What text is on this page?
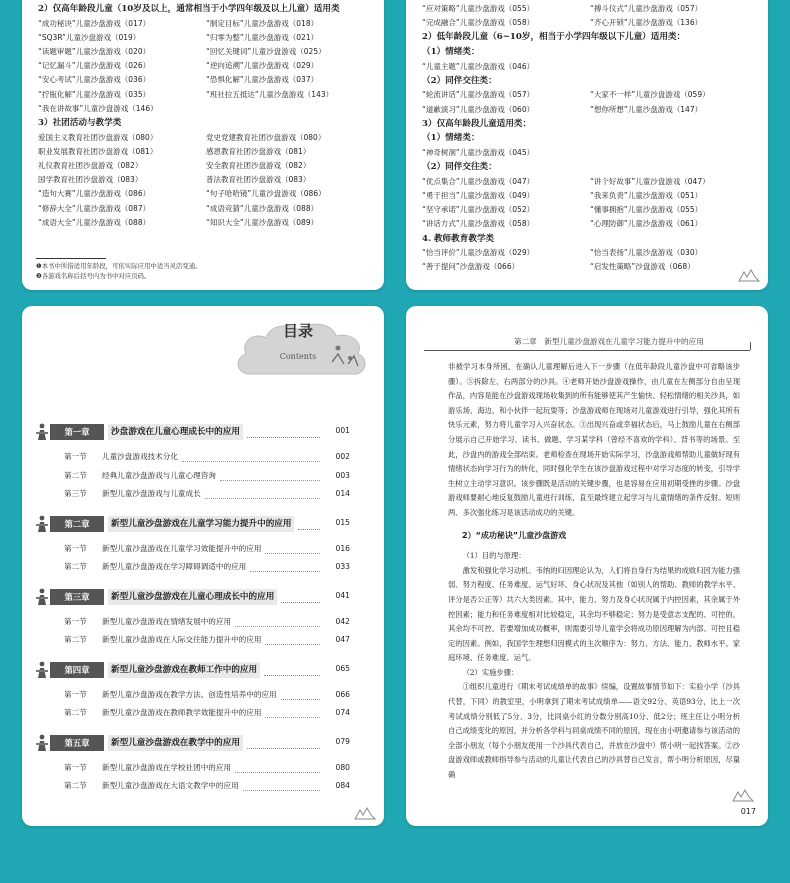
2）仅高年龄段儿童（10岁及以上，通常相当于小学四年级及以上儿童）适用类
“成功秘诀”儿童沙盘游戏（017）	“制定目标”儿童沙盘游戏（018）
“SQ3R”儿童沙盘游戏（019）	“归零为整”儿童沙盘游戏（021）
“读题审题”儿童沙盘游戏（020）	“回忆关键词”儿童沙盘游戏（025）
“记忆漏斗”儿童沙盘游戏（026）	“逆向追溯”儿童沙盘游戏（029）
“安心考试”儿童沙盘游戏（036）	“恐惧化解”儿童沙盘游戏（037）
“拧瓶化解”儿童沙盘游戏（035）	“班社拉五抵达”儿童沙盘游戏（143）
“我在讲故事”儿童沙盘游戏（146）
3）社团活动与教学类
爱国主义教育社团沙盘游戏（080）	党史党建教育社团沙盘游戏（080）
职业发展教育社团沙盘游戏（081）	感恩教育社团沙盘游戏（081）
礼仪教育社团沙盘游戏（082）	安全教育社团沙盘游戏（082）
国学教育社团沙盘游戏（083）	普法教育社团沙盘游戏（083）
“造句大赛”儿童沙盘游戏（086）	“句子哈哈镜”儿童沙盘游戏（086）
“修辞大全”儿童沙盘游戏（087）	“成语竞猜”儿童沙盘游戏（088）
“成语大全”儿童沙盘游戏（088）	“知识大全”儿童沙盘游戏（089）
❶本书中所指适用年龄段，可依实际应用中适当灵活变通。
❷各游戏名称后括号内为书中对应页码。
“应对策略”儿童沙盘游戏（055）	“搏斗仪式”儿童沙盘游戏（057）
“完成融合”儿童沙盘游戏（058）	“齐心开锁”儿童沙盘游戏（136）
2）低年龄段儿童（6~10岁，相当于小学四年级以下儿童）适用类：
（1）情绪类：
“儿童主题”儿童沙盘游戏（046）
（2）同伴交往类：
“轮流讲话”儿童沙盘游戏（057）	“大家不一样”儿童沙盘游戏（059）
“道歉演习”儿童沙盘游戏（060）	“想你所想”儿童沙盘游戏（147）
3）仅高年龄段儿童适用类：
（1）情绪类：
“神奇树洞”儿童沙盘游戏（045）
（2）同伴交往类：
“优点集合”儿童沙盘游戏（047）	“讲个好故事”儿童沙盘游戏（047）
“勇于担当”儿童沙盘游戏（049）	“我来负责”儿童沙盘游戏（051）
“坚守承诺”儿童沙盘游戏（052）	“懂事拥抱”儿童沙盘游戏（055）
“讲话方式”儿童沙盘游戏（058）	“心理防御”儿童沙盘游戏（061）
4. 教师教育教学类
“恰当评价”儿童沙盘游戏（029）	“恰当表扬”儿童沙盘游戏（030）
“善于提问”沙盘游戏（066）	“启发性策略”沙盘游戏（068）
目录
Contents
第一章	沙盘游戏在儿童心理成长中的应用	001
第一节 儿童沙盘游戏技术分化	002
第二节 经典儿童沙盘游戏与儿童心理咨询	003
第三节 新型儿童沙盘游戏与儿童成长	014
第二章	新型儿童沙盘游戏在儿童学习能力提升中的应用	015
第一节 新型儿童沙盘游戏在儿童学习效能提升中的应用	016
第二节 新型儿童沙盘游戏在学习障碍调适中的应用	033
第三章	新型儿童沙盘游戏在儿童心理成长中的应用	041
第一节 新型儿童沙盘游戏在情绪发展中的应用	042
第二节 新型儿童沙盘游戏在人际交往能力提升中的应用	047
第四章	新型儿童沙盘游戏在教师工作中的应用	065
第一节 新型儿童沙盘游戏在教学方法、创造性培养中的应用	066
第二节 新型儿童沙盘游戏在教师教学效能提升中的应用	074
第五章	新型儿童沙盘游戏在教学中的应用	079
第一节 新型儿童沙盘游戏在学校社团中的应用	080
第二节 新型儿童沙盘游戏在大语文教学中的应用	084
第二章　新型儿童沙盘游戏在儿童学习能力提升中的应用

非被学习本身所困，在确认儿童理解后进入下一步骤（在低年龄段儿童沙盘中可省略该步骤）。⑤拆除左、右两部分的沙具。④老师开始沙盘游戏操作，由儿童在左侧部分自由呈现作品，内容是能在沙盘游戏现场收集到的所有能够使其产生愉快、轻松情绪的相关沙具，如游乐场、海边、和小伙伴一起玩耍等；沙盘游戏师在现场对儿童游戏进行引导，强化其所有快乐元素，努力将儿童学习入兴奋状态。③出现兴奋或幸福状态后，马上鼓励儿童在右侧部分展示自己开始学习、读书、做题、学习某学科（曾经不喜欢的学科）、背书等的场景。至此，沙盘内的游戏全部结束。老师检查在现场开始实际学习，沙盘游戏师帮助儿童做好现有情绪状态向学习行为的转化，同时强化学生在该沙盘游戏过程中对学习态度的转变，引导学生树立主动学习意识。该步骤既是活动的关键步骤，也是容易在应用初期受挫的步骤。沙盘游戏师要耐心地反复鼓励儿童进行训练，直至最终建立起学习与儿童情绪的条件反射。短则两、多次强化练习是该活动成功的关键。

2）“成功秘诀”儿童沙盘游戏

（1）目的与原理：

激发和强化学习动机。韦纳的归因理论认为，人们将自身行为结果的成败归因为能力强弱、努力程度、任务难度、运气好坏、身心状况及其他（如别人的帮助、教师的教学水平、评分是否公正等）共六大类因素。其中，能力、努力及身心状况属于内控因素，其余属于外控因素；能力和任务难度相对比较稳定，其余均不够稳定；努力是受意志支配的、可控的，其余均不可控。若要增加成功概率，则需要引导儿童学会将成功原因理解为内部、可控且稳定的因素。例如，我国学生理想归因模式的主次顺序为：努力、方法、能力、教师水平、家庭环境、任务难度、运气。

（2）实施步骤：

①组织儿童进行《期末考试成绩单的故事》续编，设置故事情节如下：实验小学（沙具代替，下同）的教室里，小明拿到了期末考试成绩单——语文92分、英语93分，比上一次考试成绩分别低了5分、3分，比同桌小红的分数分别高10分、低2分；班主任让小明分析自己成绩变化的原因，并分析各学科与同桌成绩不同的原因，现在由小明邀请参与该活动的全部小朋友（每个小朋友使用一个沙具代表自己，并放在沙盘中）帮小明一起找答案。②沙盘游戏师或教师指导参与活动的儿童让代表自己的沙具替自己发言，帮小明分析原因，尽量确

017
